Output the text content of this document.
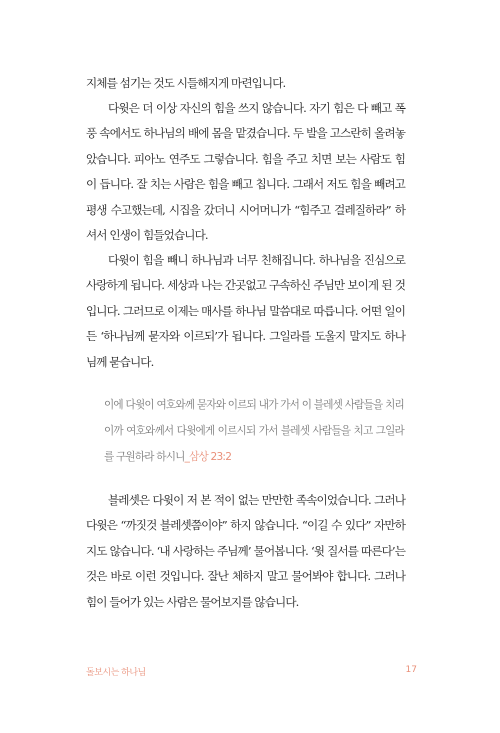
지체를 섬기는 것도 시들해지게 마련입니다.

다윗은 더 이상 자신의 힘을 쓰지 않습니다. 자기 힘은 다 빼고 폭풍 속에서도 하나님의 배에 몸을 맡겼습니다. 두 발을 고스란히 올려놓았습니다. 피아노 연주도 그렇습니다. 힘을 주고 치면 보는 사람도 힘이 듭니다. 잘 치는 사람은 힘을 빼고 칩니다. 그래서 저도 힘을 빼려고 평생 수고했는데, 시집을 갔더니 시어머니가 “힘주고 걸레질하라” 하셔서 인생이 힘들었습니다.

다윗이 힘을 빼니 하나님과 너무 친해집니다. 하나님을 진심으로 사랑하게 됩니다. 세상과 나는 간곳없고 구속하신 주님만 보이게 된 것입니다. 그러므로 이제는 매사를 하나님 말씀대로 따릅니다. 어떤 일이든 ‘하나님께 묻자와 이르되’가 됩니다. 그일라를 도울지 말지도 하나님께 묻습니다.

이에 다윗이 여호와께 묻자와 이르되 내가 가서 이 블레셋 사람들을 치리이까 여호와께서 다윗에게 이르시되 가서 블레셋 사람들을 치고 그일라를 구원하라 하시니_삼상 23:2

블레셋은 다윗이 저 본 적이 없는 만만한 족속이었습니다. 그러나 다윗은 “까짓것 블레셋쯤이야” 하지 않습니다. “이길 수 있다” 자만하지도 않습니다. ‘내 사랑하는 주님께’ 물어봅니다. ‘윗 질서를 따른다’는 것은 바로 이런 것입니다. 잘난 체하지 말고 물어봐야 합니다. 그러나 힘이 들어가 있는 사람은 물어보지를 않습니다.

돌보시는 하나님	17
